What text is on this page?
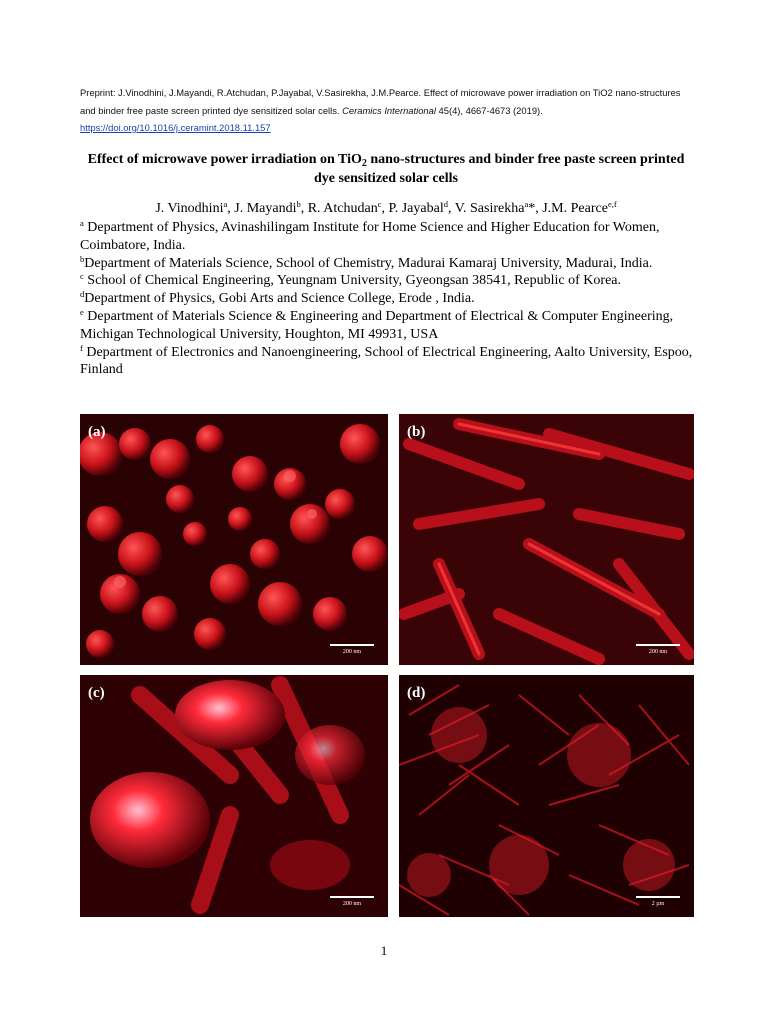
Preprint: J.Vinodhini, J.Mayandi, R.Atchudan, P.Jayabal, V.Sasirekha, J.M.Pearce. Effect of microwave power irradiation on TiO2 nano-structures and binder free paste screen printed dye sensitized solar cells. Ceramics International 45(4), 4667-4673 (2019).
https://doi.org/10.1016/j.ceramint.2018.11.157
Effect of microwave power irradiation on TiO$_2$ nano-structures and binder free paste screen printed dye sensitized solar cells
J. Vinodhini$^a$, J. Mayandi$^b$, R. Atchudan$^c$, P. Jayabal$^d$, V. Sasirekha$^a$*, J.M. Pearce$^{e,f}$

$^a$ Department of Physics, Avinashilingam Institute for Home Science and Higher Education for Women, Coimbatore, India.

$^b$Department of Materials Science, School of Chemistry, Madurai Kamaraj University, Madurai, India.

$^c$ School of Chemical Engineering, Yeungnam University, Gyeongsan 38541, Republic of Korea.

$^d$Department of Physics, Gobi Arts and Science College, Erode , India.

$^e$ Department of Materials Science & Engineering and Department of Electrical & Computer Engineering, Michigan Technological University, Houghton, MI 49931, USA

$^f$ Department of Electronics and Nanoengineering, School of Electrical Engineering, Aalto University, Espoo, Finland

(a)
200 nm
(b)
200 nm
(c)
200 nm
(d)
2 µm
1
